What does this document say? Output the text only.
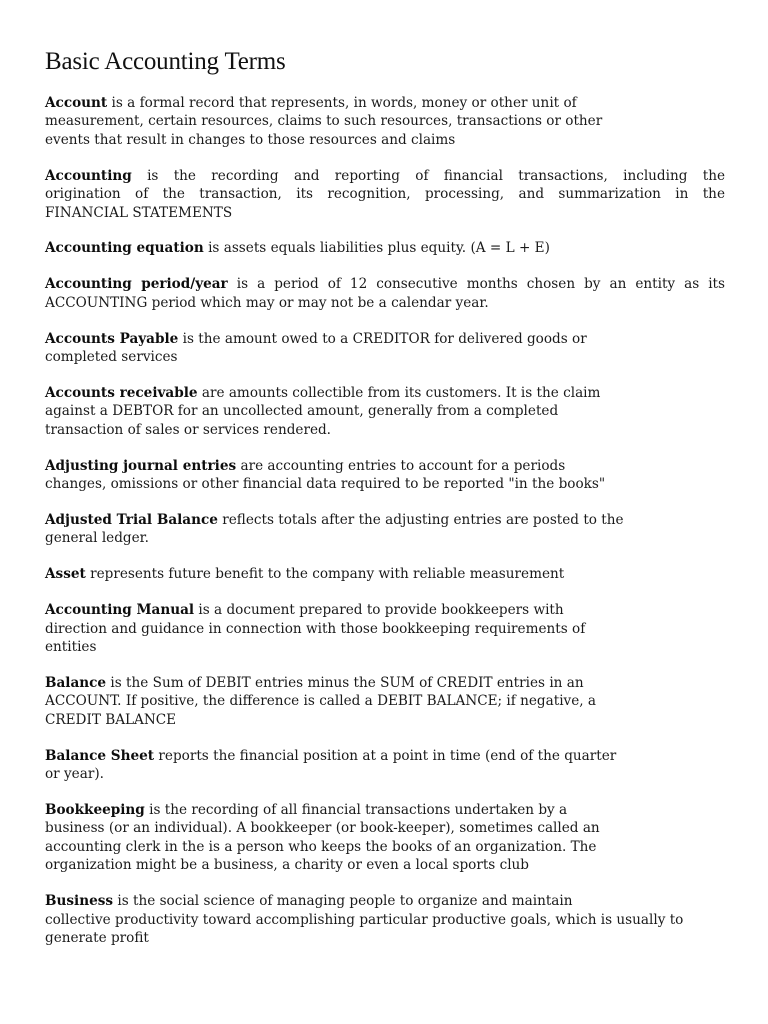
Basic Accounting Terms

Account is a formal record that represents, in words, money or other unit of
measurement, certain resources, claims to such resources, transactions or other
events that result in changes to those resources and claims

Accounting is the recording and reporting of financial transactions, including the
origination of the transaction, its recognition, processing, and summarization in the
FINANCIAL STATEMENTS

Accounting equation is assets equals liabilities plus equity. (A = L + E)

Accounting period/year is a period of 12 consecutive months chosen by an entity as its
ACCOUNTING period which may or may not be a calendar year.

Accounts Payable is the amount owed to a CREDITOR for delivered goods or
completed services

Accounts receivable are amounts collectible from its customers. It is the claim
against a DEBTOR for an uncollected amount, generally from a completed
transaction of sales or services rendered.

Adjusting journal entries are accounting entries to account for a periods
changes, omissions or other financial data required to be reported "in the books"

Adjusted Trial Balance reflects totals after the adjusting entries are posted to the
general ledger.

Asset represents future benefit to the company with reliable measurement

Accounting Manual is a document prepared to provide bookkeepers with
direction and guidance in connection with those bookkeeping requirements of
entities

Balance is the Sum of DEBIT entries minus the SUM of CREDIT entries in an
ACCOUNT. If positive, the difference is called a DEBIT BALANCE; if negative, a
CREDIT BALANCE

Balance Sheet reports the financial position at a point in time (end of the quarter
or year).

Bookkeeping is the recording of all financial transactions undertaken by a
business (or an individual). A bookkeeper (or book-keeper), sometimes called an
accounting clerk in the is a person who keeps the books of an organization. The
organization might be a business, a charity or even a local sports club

Business is the social science of managing people to organize and maintain
collective productivity toward accomplishing particular productive goals, which is usually to
generate profit
